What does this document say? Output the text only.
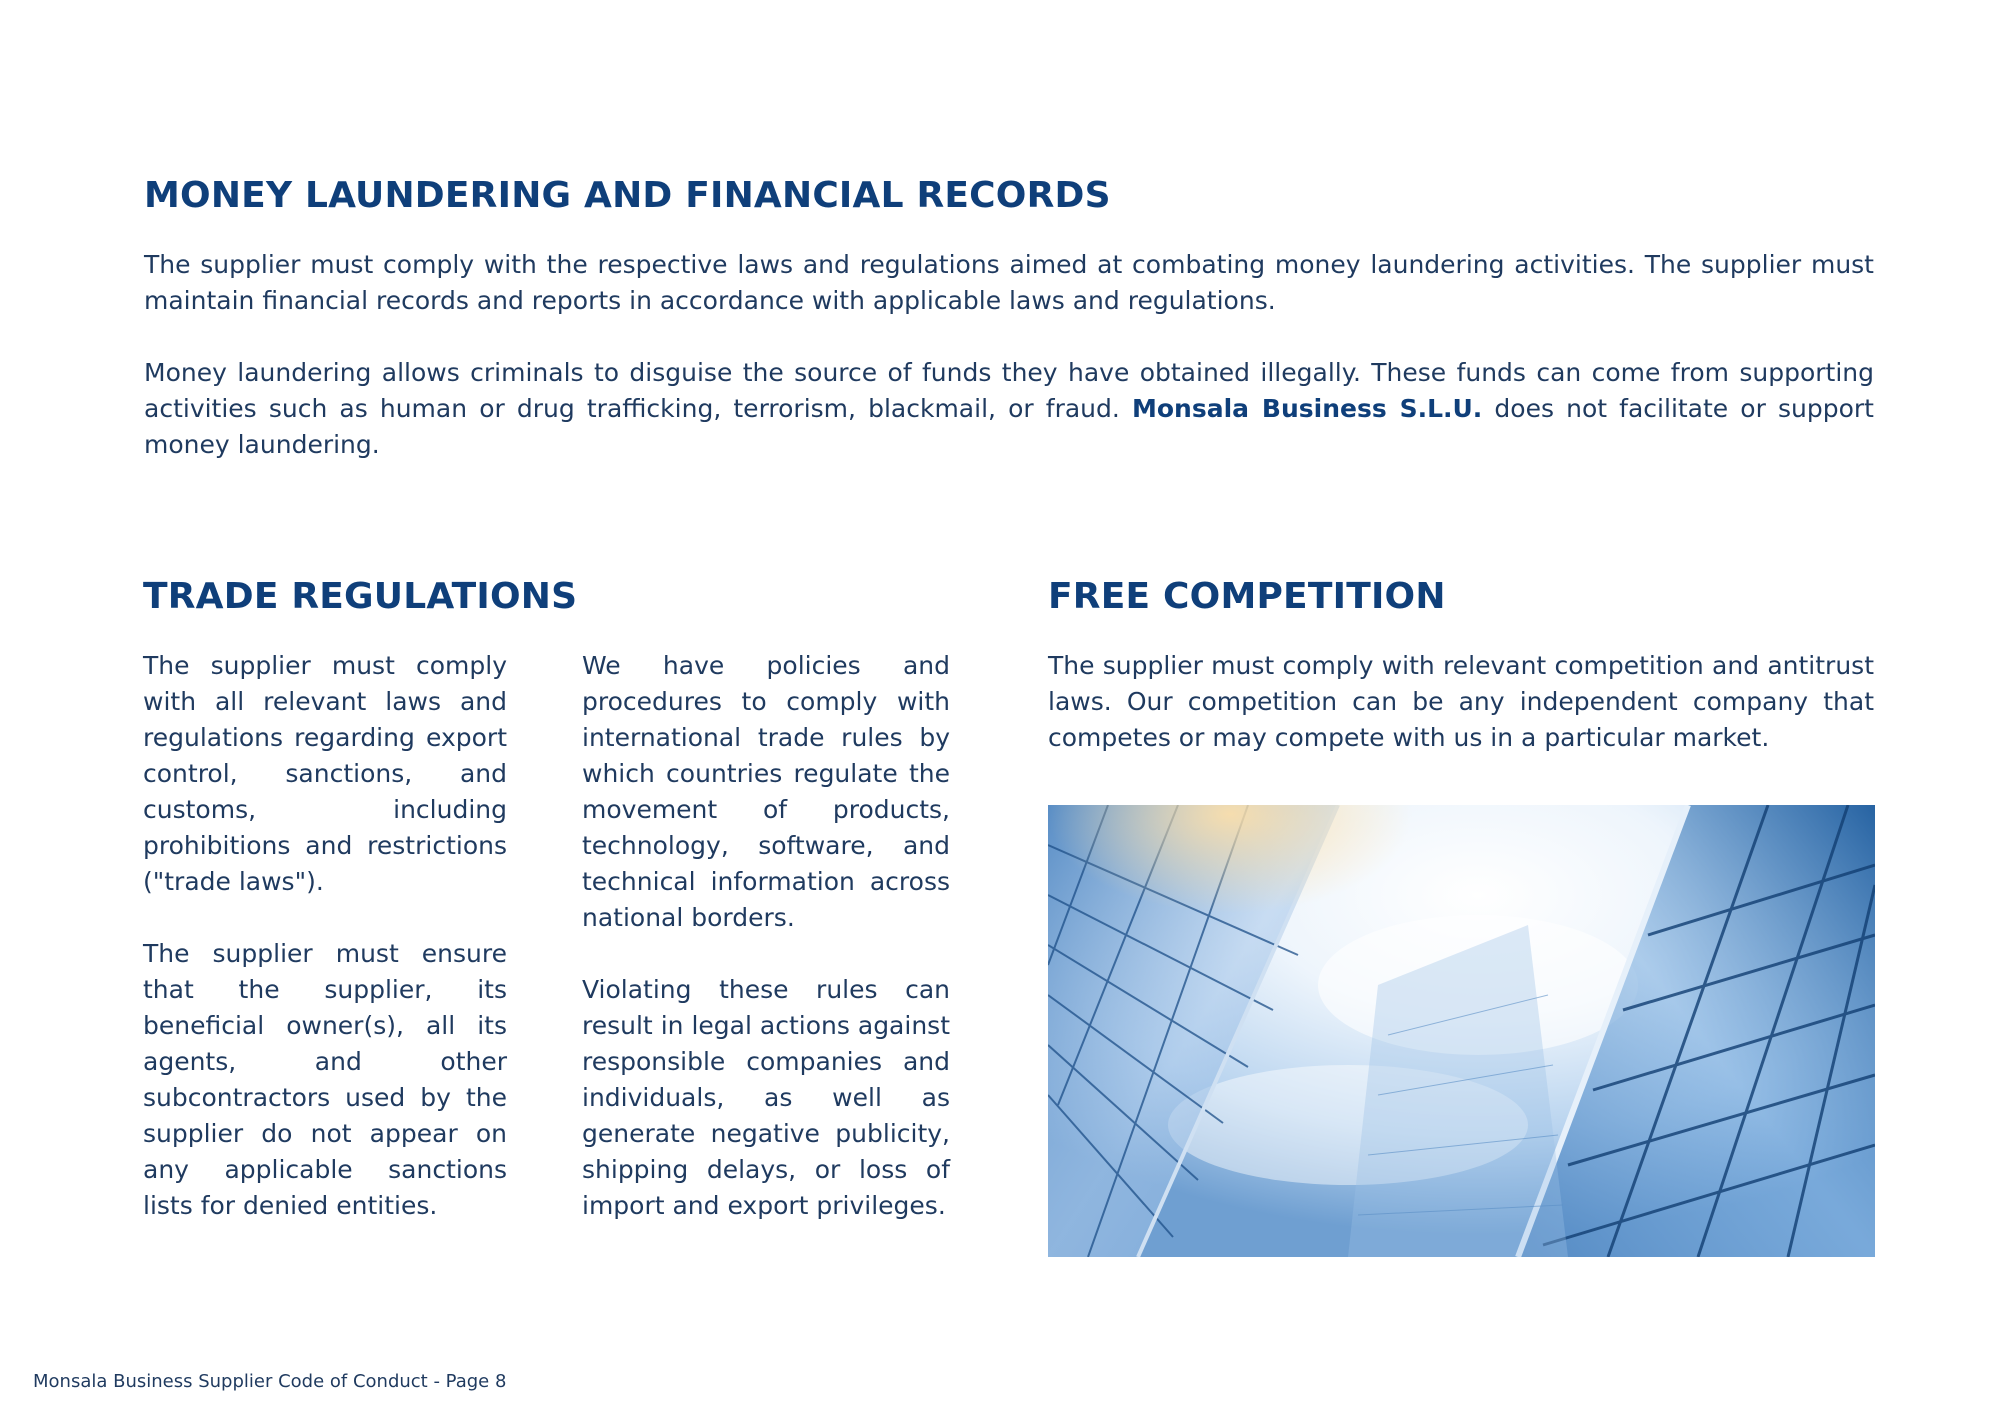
MONEY LAUNDERING AND FINANCIAL RECORDS

The supplier must comply with the respective laws and regulations aimed at combating money laundering activities. The supplier must maintain financial records and reports in accordance with applicable laws and regulations.

Money laundering allows criminals to disguise the source of funds they have obtained illegally. These funds can come from supporting activities such as human or drug trafficking, terrorism, blackmail, or fraud. Monsala Business S.L.U. does not facilitate or support money laundering.

TRADE REGULATIONS

The supplier must comply with all relevant laws and regulations regarding export control, sanctions, and customs, including prohibitions and restrictions ("trade laws").

The supplier must ensure that the supplier, its beneficial owner(s), all its agents, and other subcontractors used by the supplier do not appear on any applicable sanctions lists for denied entities.

We have policies and procedures to comply with international trade rules by which countries regulate the movement of products, technology, software, and technical information across national borders.

Violating these rules can result in legal actions against responsible companies and individuals, as well as generate negative publicity, shipping delays, or loss of import and export privileges.

FREE COMPETITION

The supplier must comply with relevant competition and antitrust laws. Our competition can be any independent company that competes or may compete with us in a particular market.

Monsala Business Supplier Code of Conduct - Page 8
